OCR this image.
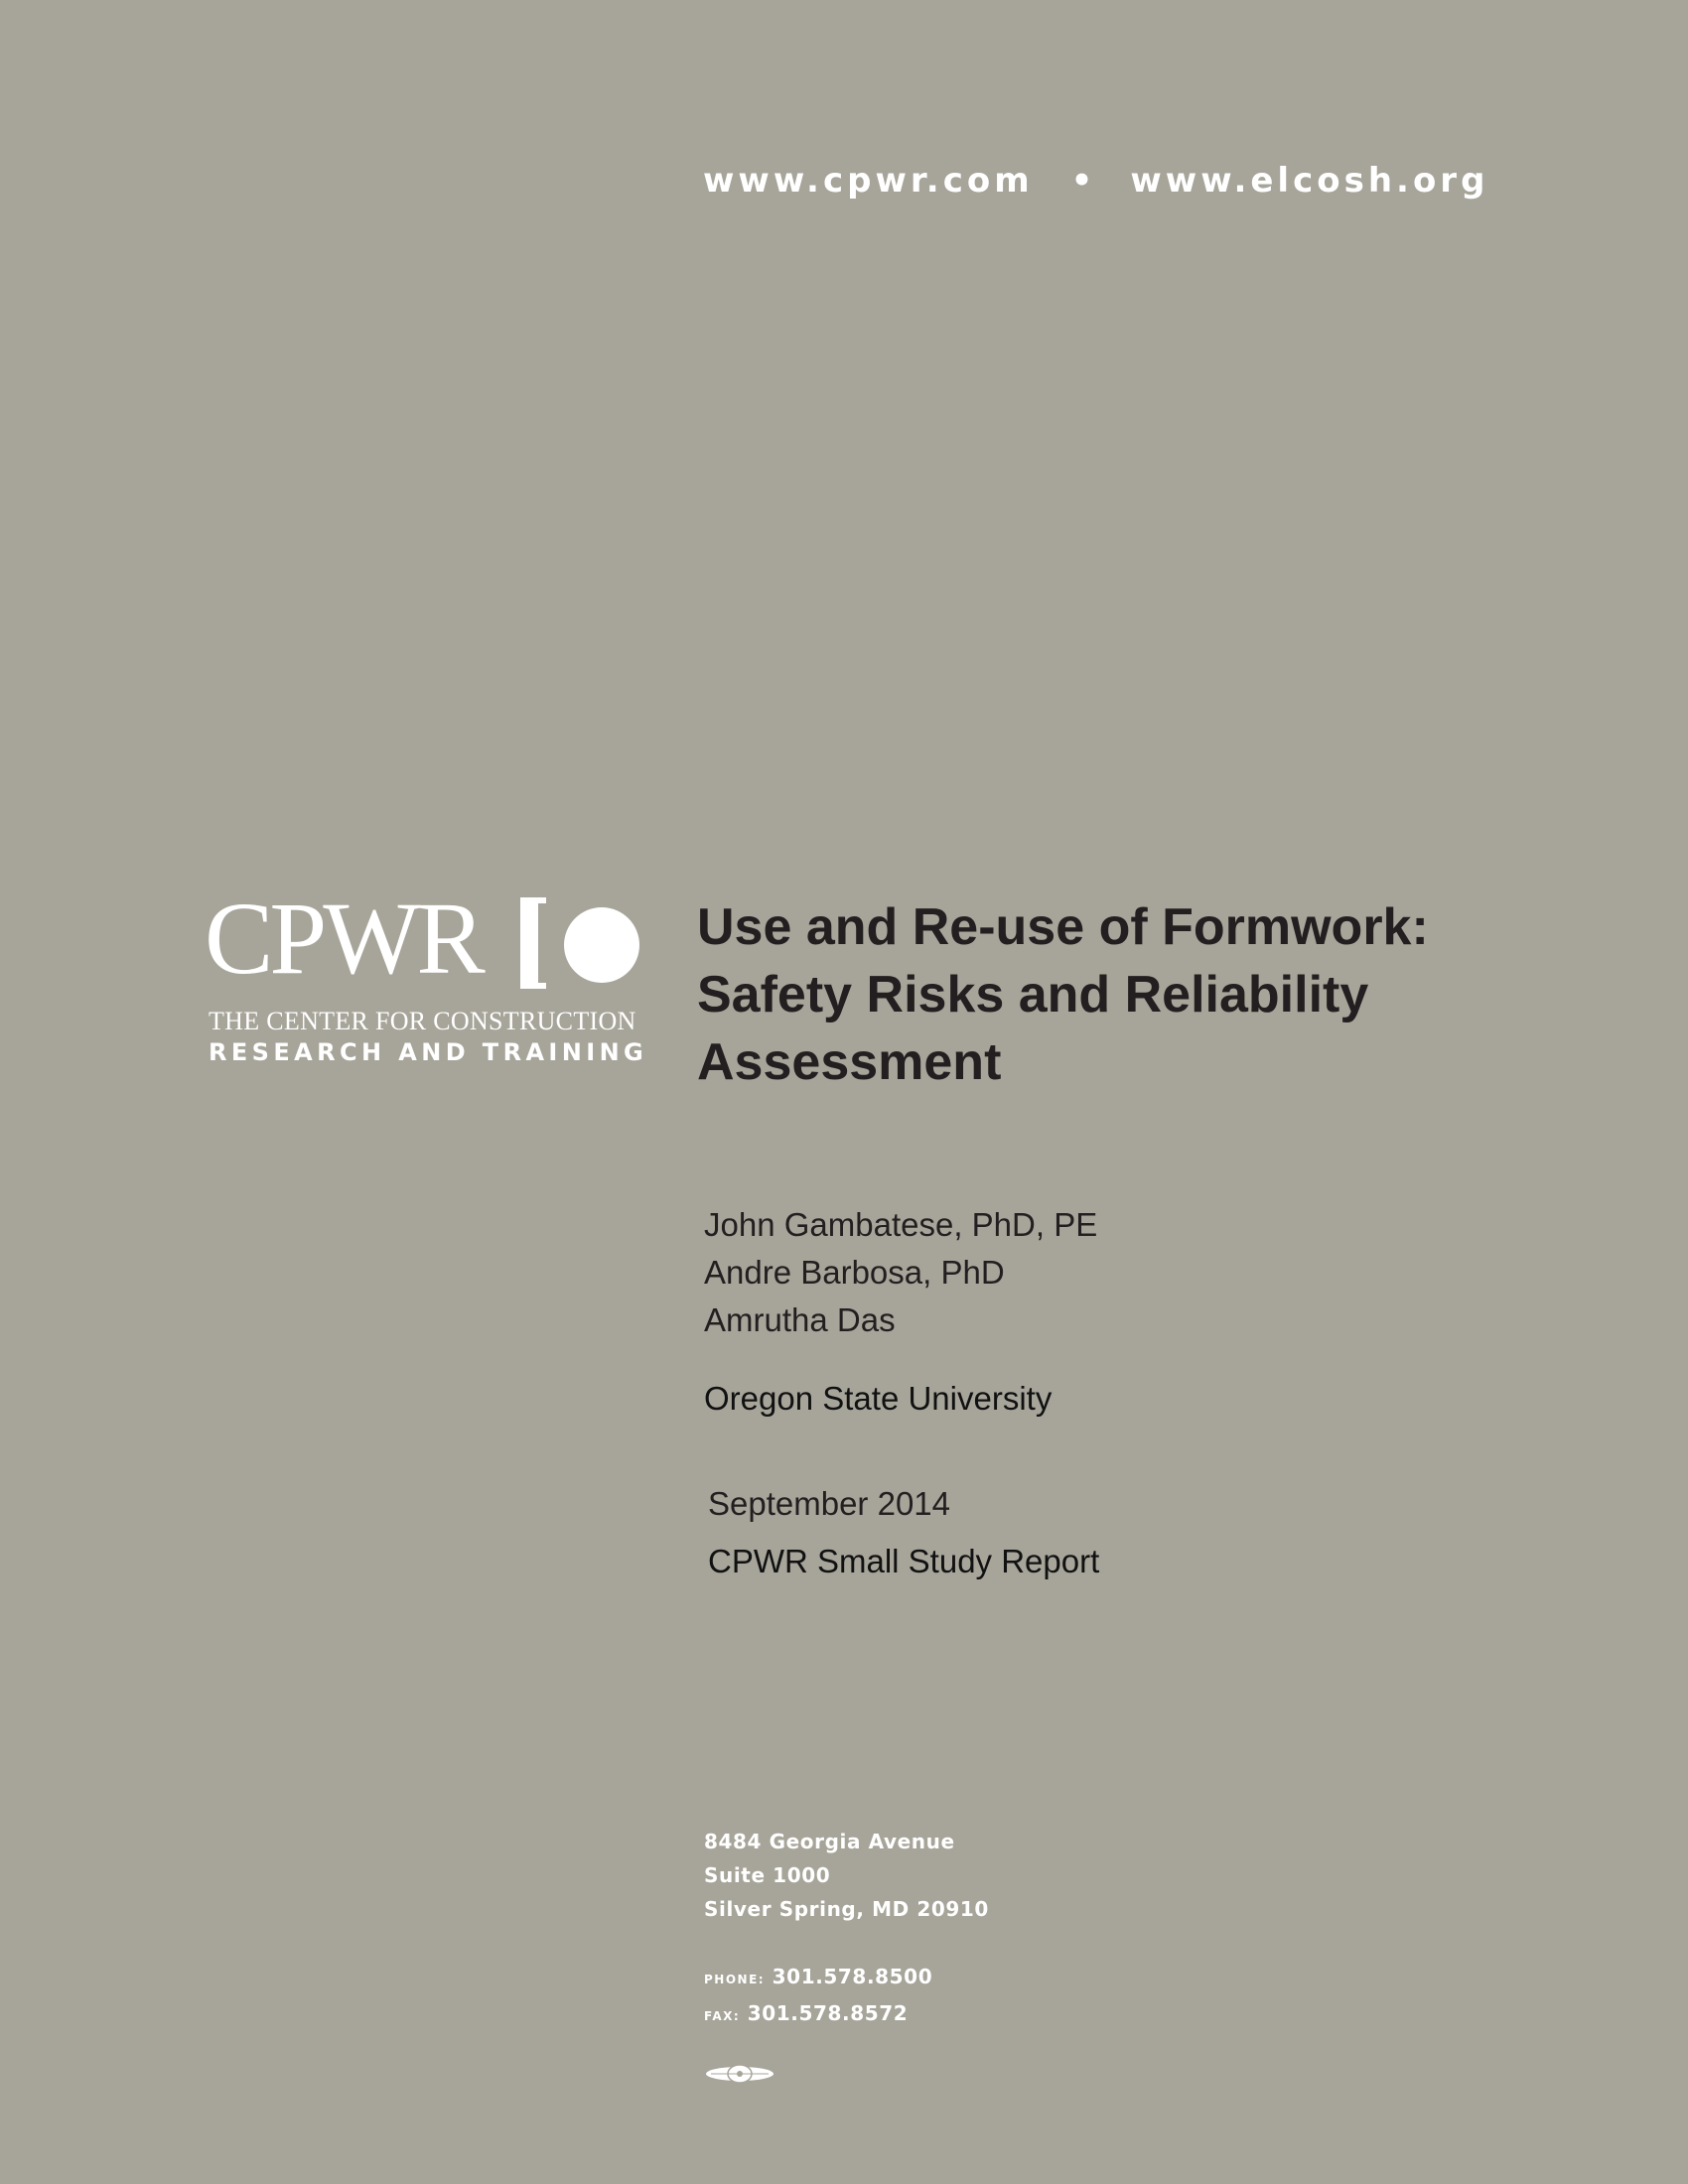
www.cpwr.com • www.elcosh.org
CPWR
THE CENTER FOR CONSTRUCTION
RESEARCH AND TRAINING
Use and Re-use of Formwork:
Safety Risks and Reliability
Assessment
John Gambatese, PhD, PE
Andre Barbosa, PhD
Amrutha Das
Oregon State University
September 2014
CPWR Small Study Report
8484 Georgia Avenue
Suite 1000
Silver Spring, MD 20910
PHONE: 301.578.8500
FAX: 301.578.8572
